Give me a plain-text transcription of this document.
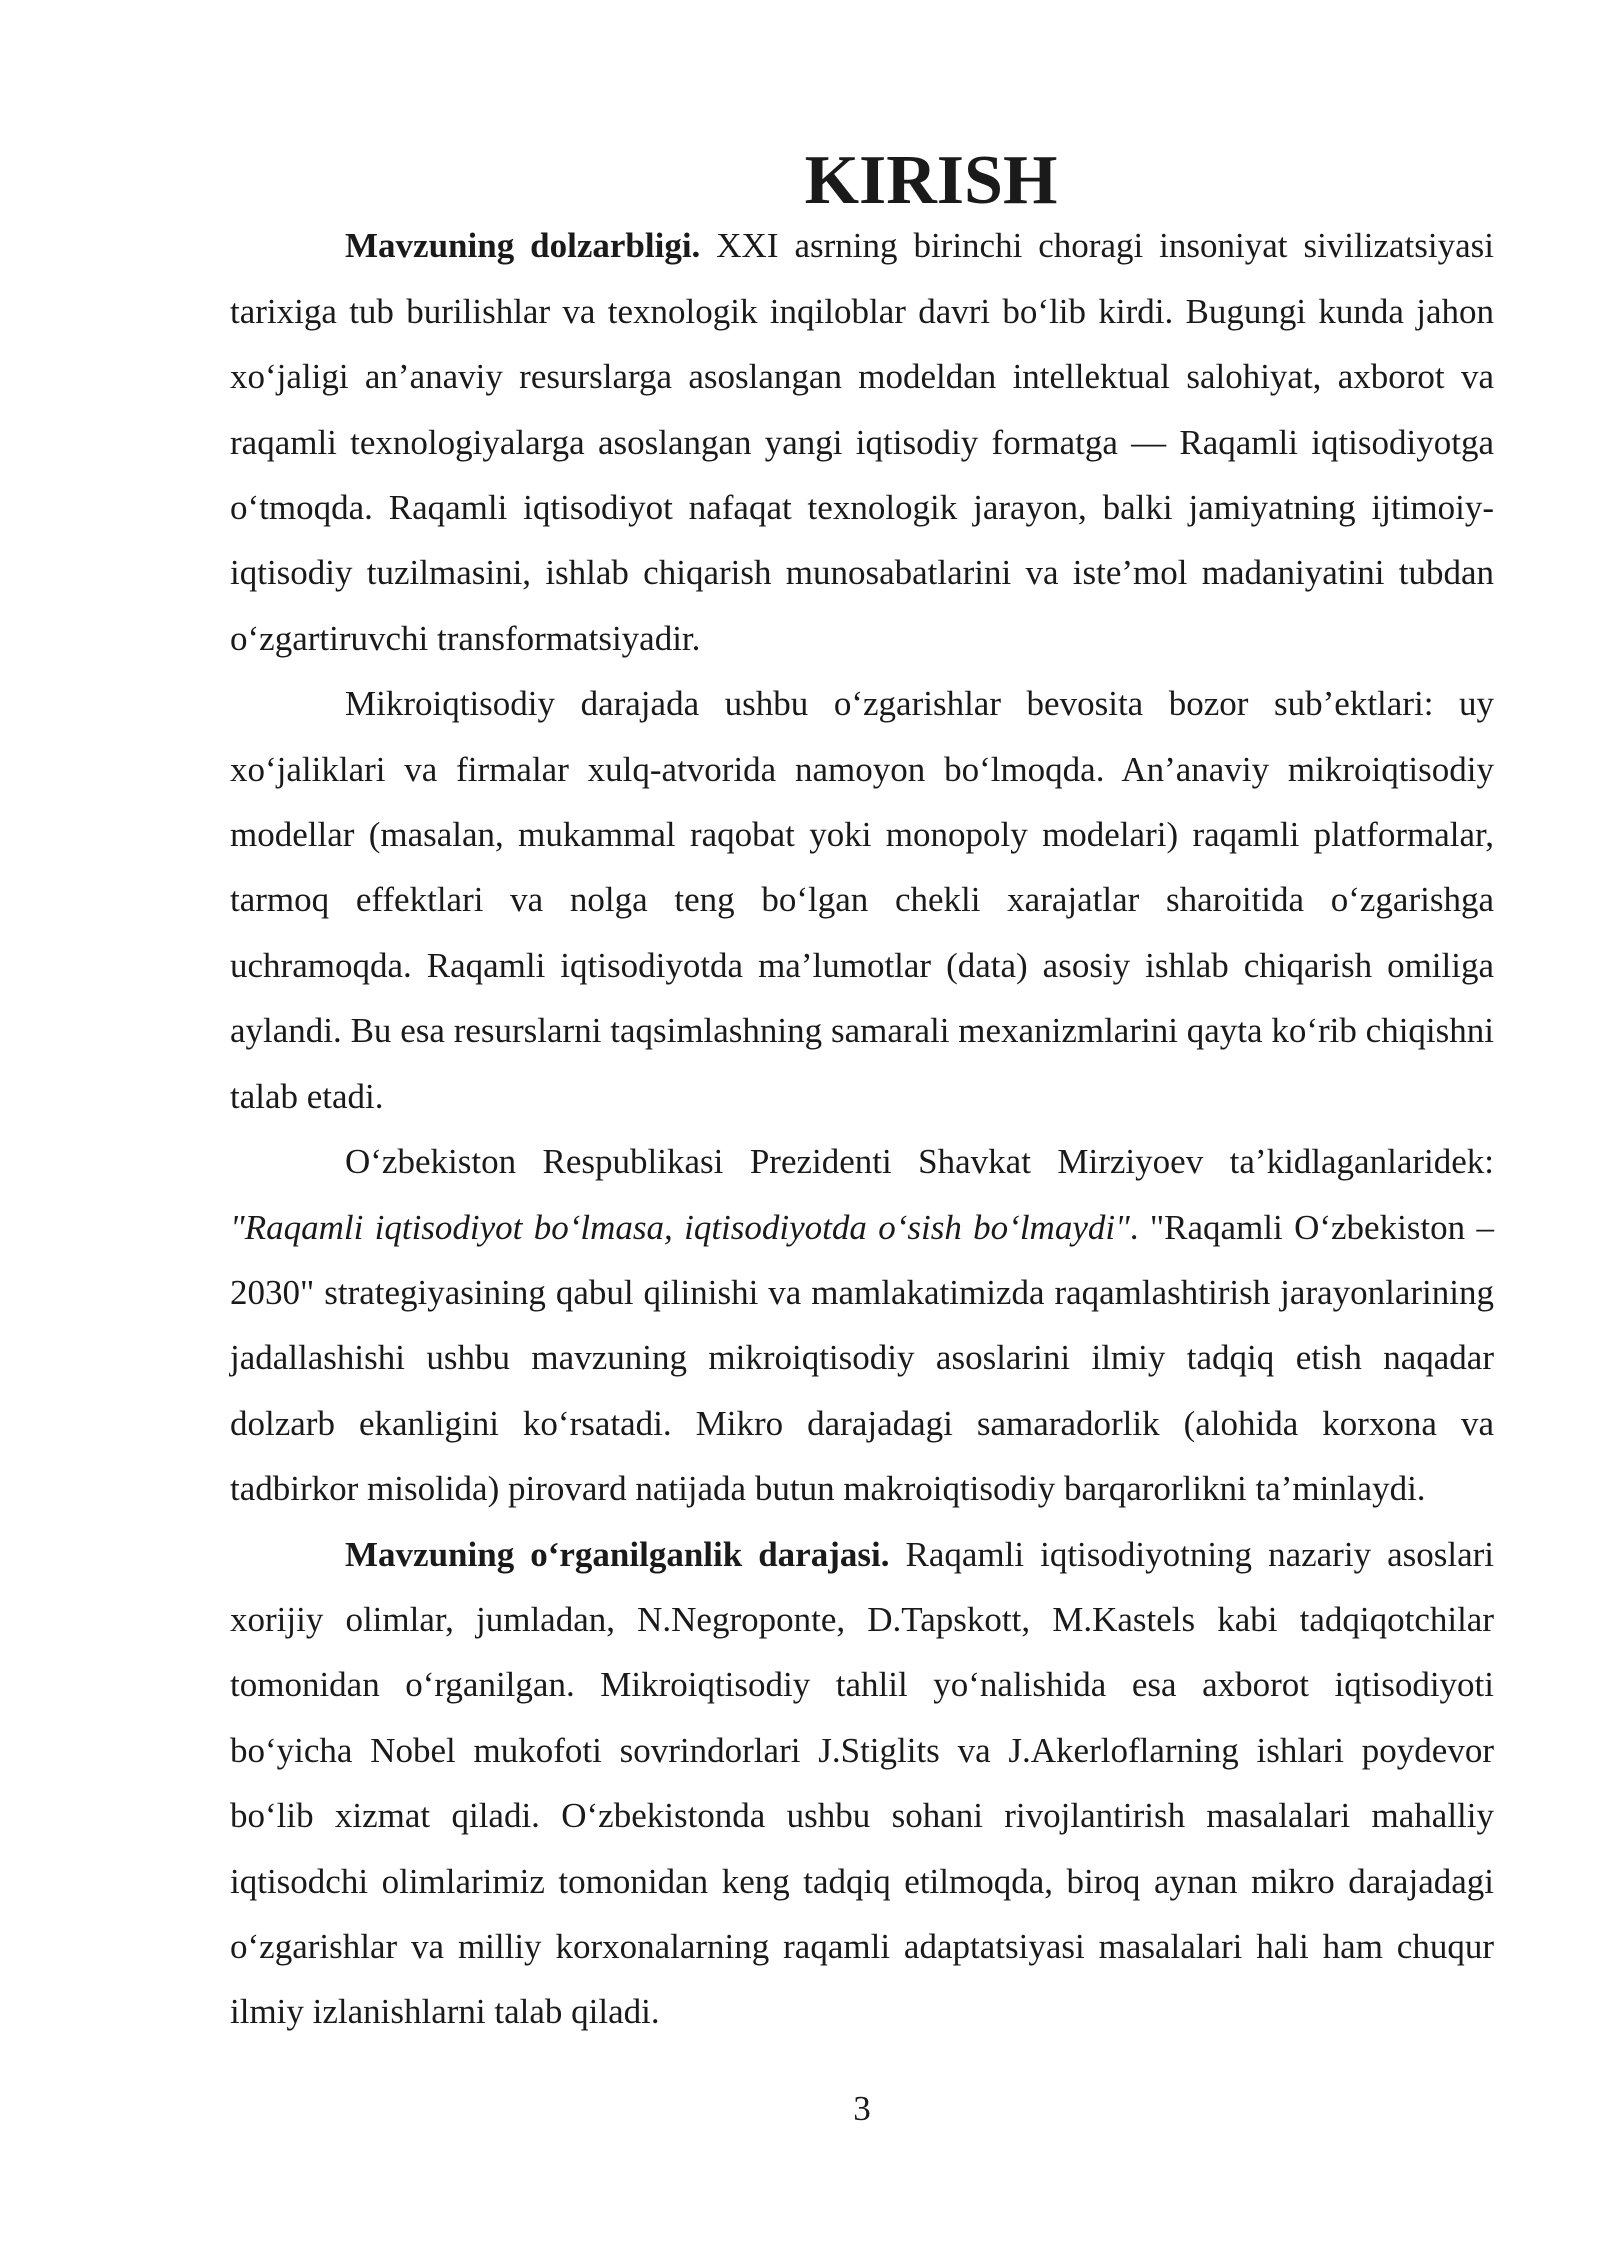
KIRISH

Mavzuning dolzarbligi. XXI asrning birinchi choragi insoniyat sivilizatsiyasi tarixiga tub burilishlar va texnologik inqiloblar davri bo‘lib kirdi. Bugungi kunda jahon xo‘jaligi an’anaviy resurslarga asoslangan modeldan intellektual salohiyat, axborot va raqamli texnologiyalarga asoslangan yangi iqtisodiy formatga — Raqamli iqtisodiyotga o‘tmoqda. Raqamli iqtisodiyot nafaqat texnologik jarayon, balki jamiyatning ijtimoiy-iqtisodiy tuzilmasini, ishlab chiqarish munosabatlarini va iste’mol madaniyatini tubdan o‘zgartiruvchi transformatsiyadir.

Mikroiqtisodiy darajada ushbu o‘zgarishlar bevosita bozor sub’ektlari: uy xo‘jaliklari va firmalar xulq-atvorida namoyon bo‘lmoqda. An’anaviy mikroiqtisodiy modellar (masalan, mukammal raqobat yoki monopoly modelari) raqamli platformalar, tarmoq effektlari va nolga teng bo‘lgan chekli xarajatlar sharoitida o‘zgarishga uchramoqda. Raqamli iqtisodiyotda ma’lumotlar (data) asosiy ishlab chiqarish omiliga aylandi. Bu esa resurslarni taqsimlashning samarali mexanizmlarini qayta ko‘rib chiqishni talab etadi.

O‘zbekiston Respublikasi Prezidenti Shavkat Mirziyoev ta’kidlaganlaridek: "Raqamli iqtisodiyot bo‘lmasa, iqtisodiyotda o‘sish bo‘lmaydi". "Raqamli O‘zbekiston – 2030" strategiyasining qabul qilinishi va mamlakatimizda raqamlashtirish jarayonlarining jadallashishi ushbu mavzuning mikroiqtisodiy asoslarini ilmiy tadqiq etish naqadar dolzarb ekanligini ko‘rsatadi. Mikro darajadagi samaradorlik (alohida korxona va tadbirkor misolida) pirovard natijada butun makroiqtisodiy barqarorlikni ta’minlaydi.

Mavzuning o‘rganilganlik darajasi. Raqamli iqtisodiyotning nazariy asoslari xorijiy olimlar, jumladan, N.Negroponte, D.Tapskott, M.Kastels kabi tadqiqotchilar tomonidan o‘rganilgan. Mikroiqtisodiy tahlil yo‘nalishida esa axborot iqtisodiyoti bo‘yicha Nobel mukofoti sovrindorlari J.Stiglits va J.Akerloflarning ishlari poydevor bo‘lib xizmat qiladi. O‘zbekistonda ushbu sohani rivojlantirish masalalari mahalliy iqtisodchi olimlarimiz tomonidan keng tadqiq etilmoqda, biroq aynan mikro darajadagi o‘zgarishlar va milliy korxonalarning raqamli adaptatsiyasi masalalari hali ham chuqur ilmiy izlanishlarni talab qiladi.

3
